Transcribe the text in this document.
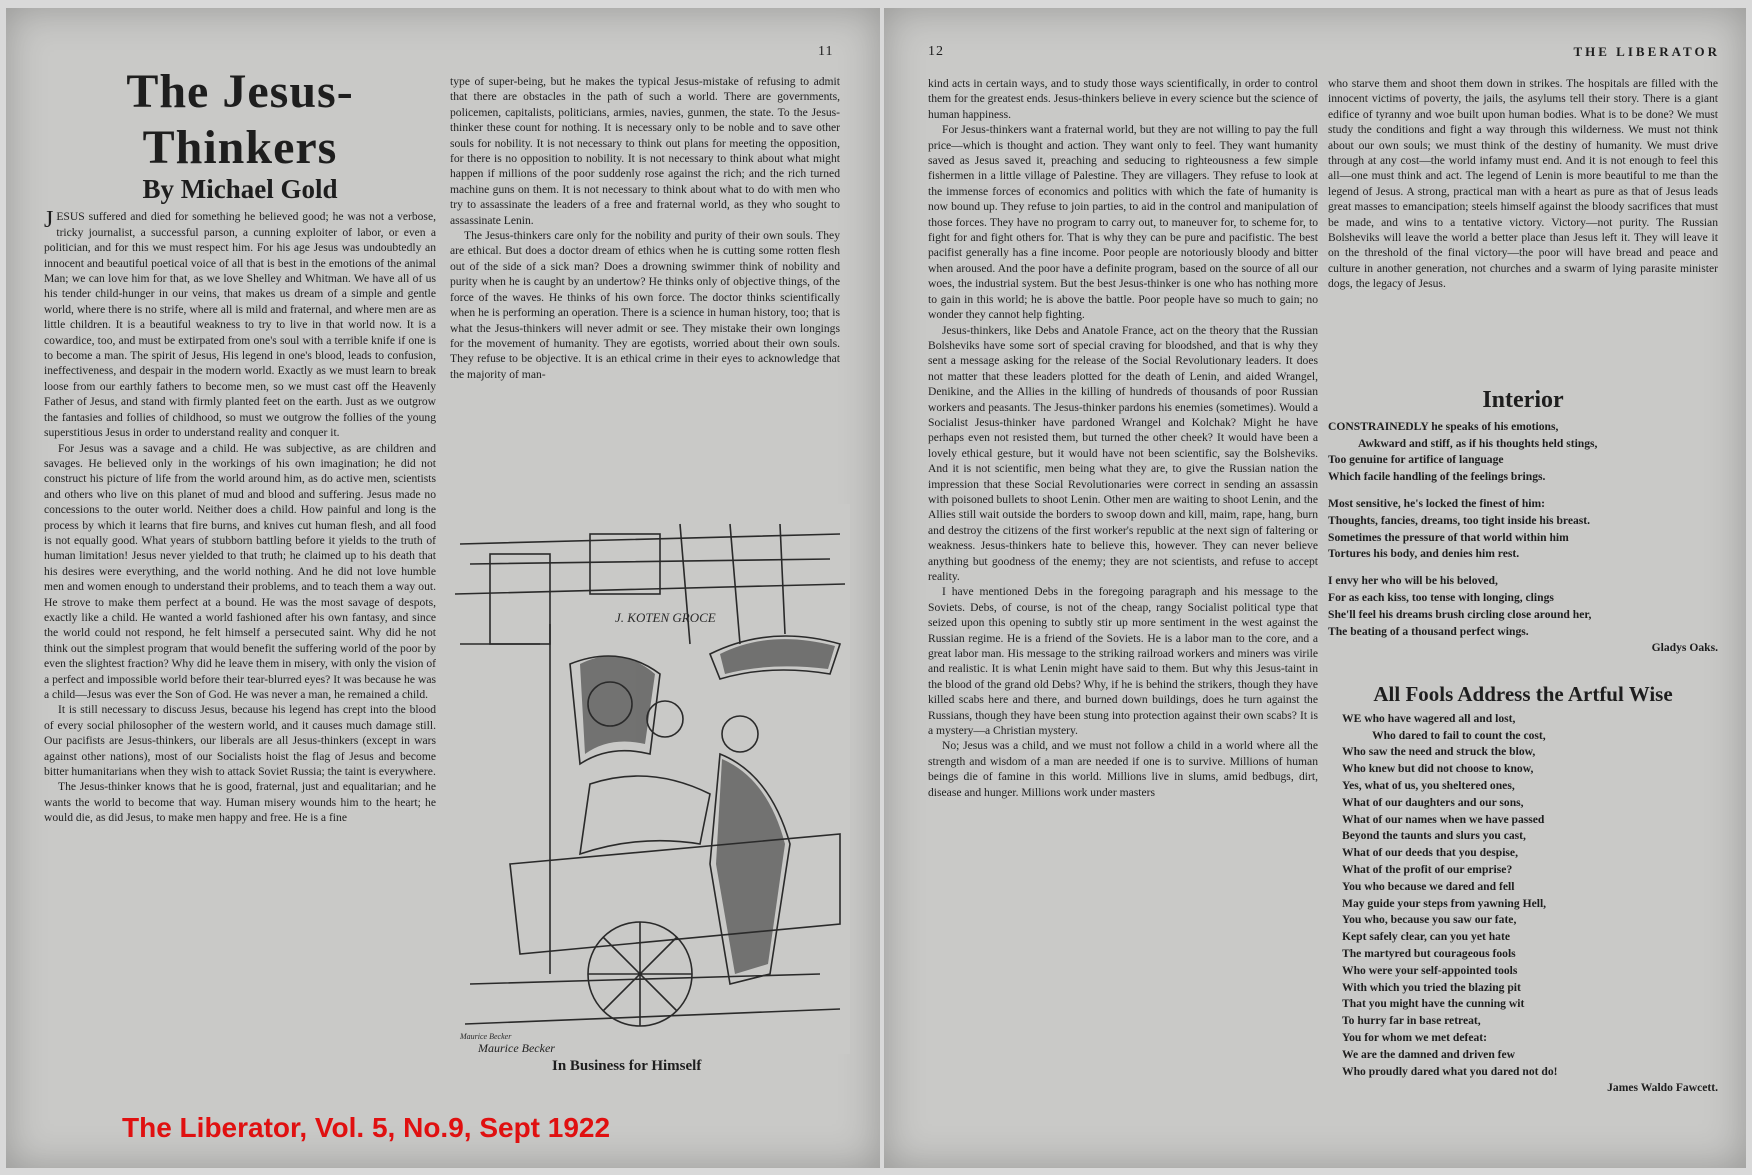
11
The Jesus-Thinkers
By Michael Gold

JESUS suffered and died for something he believed good; he was not a verbose, tricky journalist, a successful parson, a cunning exploiter of labor, or even a politician, and for this we must respect him. For his age Jesus was undoubtedly an innocent and beautiful poetical voice of all that is best in the emotions of the animal Man; we can love him for that, as we love Shelley and Whitman. We have all of us his tender child-hunger in our veins, that makes us dream of a simple and gentle world, where there is no strife, where all is mild and fraternal, and where men are as little children. It is a beautiful weakness to try to live in that world now. It is a cowardice, too, and must be extirpated from one's soul with a terrible knife if one is to become a man. The spirit of Jesus, His legend in one's blood, leads to confusion, ineffectiveness, and despair in the modern world. Exactly as we must learn to break loose from our earthly fathers to become men, so we must cast off the Heavenly Father of Jesus, and stand with firmly planted feet on the earth. Just as we outgrow the fantasies and follies of childhood, so must we outgrow the follies of the young superstitious Jesus in order to understand reality and conquer it.

For Jesus was a savage and a child. He was subjective, as are children and savages. He believed only in the workings of his own imagination; he did not construct his picture of life from the world around him, as do active men, scientists and others who live on this planet of mud and blood and suffering. Jesus made no concessions to the outer world. Neither does a child. How painful and long is the process by which it learns that fire burns, and knives cut human flesh, and all food is not equally good. What years of stubborn battling before it yields to the truth of human limitation! Jesus never yielded to that truth; he claimed up to his death that his desires were everything, and the world nothing. And he did not love humble men and women enough to understand their problems, and to teach them a way out. He strove to make them perfect at a bound. He was the most savage of despots, exactly like a child. He wanted a world fashioned after his own fantasy, and since the world could not respond, he felt himself a persecuted saint. Why did he not think out the simplest program that would benefit the suffering world of the poor by even the slightest fraction? Why did he leave them in misery, with only the vision of a perfect and impossible world before their tear-blurred eyes? It was because he was a child—Jesus was ever the Son of God. He was never a man, he remained a child.

It is still necessary to discuss Jesus, because his legend has crept into the blood of every social philosopher of the western world, and it causes much damage still. Our pacifists are Jesus-thinkers, our liberals are all Jesus-thinkers (except in wars against other nations), most of our Socialists hoist the flag of Jesus and become bitter humanitarians when they wish to attack Soviet Russia; the taint is everywhere.

The Jesus-thinker knows that he is good, fraternal, just and equalitarian; and he wants the world to become that way. Human misery wounds him to the heart; he would die, as did Jesus, to make men happy and free. He is a fine

type of super-being, but he makes the typical Jesus-mistake of refusing to admit that there are obstacles in the path of such a world. There are governments, policemen, capitalists, politicians, armies, navies, gunmen, the state. To the Jesus-thinker these count for nothing. It is necessary only to be noble and to save other souls for nobility. It is not necessary to think out plans for meeting the opposition, for there is no opposition to nobility. It is not necessary to think about what might happen if millions of the poor suddenly rose against the rich; and the rich turned machine guns on them. It is not necessary to think about what to do with men who try to assassinate the leaders of a free and fraternal world, as they who sought to assassinate Lenin.

The Jesus-thinkers care only for the nobility and purity of their own souls. They are ethical. But does a doctor dream of ethics when he is cutting some rotten flesh out of the side of a sick man? Does a drowning swimmer think of nobility and purity when he is caught by an undertow? He thinks only of objective things, of the force of the waves. He thinks of his own force. The doctor thinks scientifically when he is performing an operation. There is a science in human history, too; that is what the Jesus-thinkers will never admit or see. They mistake their own longings for the movement of humanity. They are egotists, worried about their own souls. They refuse to be objective. It is an ethical crime in their eyes to acknowledge that the majority of man-

J. KOTEN GROCE
Maurice Becker
Maurice Becker
In Business for Himself
12	THE LIBERATOR

kind acts in certain ways, and to study those ways scientifically, in order to control them for the greatest ends. Jesus-thinkers believe in every science but the science of human happiness.

For Jesus-thinkers want a fraternal world, but they are not willing to pay the full price—which is thought and action. They want only to feel. They want humanity saved as Jesus saved it, preaching and seducing to righteousness a few simple fishermen in a little village of Palestine. They are villagers. They refuse to look at the immense forces of economics and politics with which the fate of humanity is now bound up. They refuse to join parties, to aid in the control and manipulation of those forces. They have no program to carry out, to maneuver for, to scheme for, to fight for and fight others for. That is why they can be pure and pacifistic. The best pacifist generally has a fine income. Poor people are notoriously bloody and bitter when aroused. And the poor have a definite program, based on the source of all our woes, the industrial system. But the best Jesus-thinker is one who has nothing more to gain in this world; he is above the battle. Poor people have so much to gain; no wonder they cannot help fighting.

Jesus-thinkers, like Debs and Anatole France, act on the theory that the Russian Bolsheviks have some sort of special craving for bloodshed, and that is why they sent a message asking for the release of the Social Revolutionary leaders. It does not matter that these leaders plotted for the death of Lenin, and aided Wrangel, Denikine, and the Allies in the killing of hundreds of thousands of poor Russian workers and peasants. The Jesus-thinker pardons his enemies (sometimes). Would a Socialist Jesus-thinker have pardoned Wrangel and Kolchak? Might he have perhaps even not resisted them, but turned the other cheek? It would have been a lovely ethical gesture, but it would have not been scientific, say the Bolsheviks. And it is not scientific, men being what they are, to give the Russian nation the impression that these Social Revolutionaries were correct in sending an assassin with poisoned bullets to shoot Lenin. Other men are waiting to shoot Lenin, and the Allies still wait outside the borders to swoop down and kill, maim, rape, hang, burn and destroy the citizens of the first worker's republic at the next sign of faltering or weakness. Jesus-thinkers hate to believe this, however. They can never believe anything but goodness of the enemy; they are not scientists, and refuse to accept reality.

I have mentioned Debs in the foregoing paragraph and his message to the Soviets. Debs, of course, is not of the cheap, rangy Socialist political type that seized upon this opening to subtly stir up more sentiment in the west against the Russian regime. He is a friend of the Soviets. He is a labor man to the core, and a great labor man. His message to the striking railroad workers and miners was virile and realistic. It is what Lenin might have said to them. But why this Jesus-taint in the blood of the grand old Debs? Why, if he is behind the strikers, though they have killed scabs here and there, and burned down buildings, does he turn against the Russians, though they have been stung into protection against their own scabs? It is a mystery—a Christian mystery.

No; Jesus was a child, and we must not follow a child in a world where all the strength and wisdom of a man are needed if one is to survive. Millions of human beings die of famine in this world. Millions live in slums, amid bedbugs, dirt, disease and hunger. Millions work under masters

who starve them and shoot them down in strikes. The hospitals are filled with the innocent victims of poverty, the jails, the asylums tell their story. There is a giant edifice of tyranny and woe built upon human bodies. What is to be done? We must study the conditions and fight a way through this wilderness. We must not think about our own souls; we must think of the destiny of humanity. We must drive through at any cost—the world infamy must end. And it is not enough to feel this all—one must think and act. The legend of Lenin is more beautiful to me than the legend of Jesus. A strong, practical man with a heart as pure as that of Jesus leads great masses to emancipation; steels himself against the bloody sacrifices that must be made, and wins to a tentative victory. Victory—not purity. The Russian Bolsheviks will leave the world a better place than Jesus left it. They will leave it on the threshold of the final victory—the poor will have bread and peace and culture in another generation, not churches and a swarm of lying parasite minister dogs, the legacy of Jesus.

Interior
CONSTRAINEDLY he speaks of his emotions,
Awkward and stiff, as if his thoughts held stings,
Too genuine for artifice of language
Which facile handling of the feelings brings.
Most sensitive, he's locked the finest of him:
Thoughts, fancies, dreams, too tight inside his breast.
Sometimes the pressure of that world within him
Tortures his body, and denies him rest.
I envy her who will be his beloved,
For as each kiss, too tense with longing, clings
She'll feel his dreams brush circling close around her,
The beating of a thousand perfect wings.
Gladys Oaks.
All Fools Address the Artful Wise
WE who have wagered all and lost,
Who dared to fail to count the cost,
Who saw the need and struck the blow,
Who knew but did not choose to know,
Yes, what of us, you sheltered ones,
What of our daughters and our sons,
What of our names when we have passed
Beyond the taunts and slurs you cast,
What of our deeds that you despise,
What of the profit of our emprise?
You who because we dared and fell
May guide your steps from yawning Hell,
You who, because you saw our fate,
Kept safely clear, can you yet hate
The martyred but courageous fools
Who were your self-appointed tools
With which you tried the blazing pit
That you might have the cunning wit
To hurry far in base retreat,
You for whom we met defeat:
We are the damned and driven few
Who proudly dared what you dared not do!
James Waldo Fawcett.
The Liberator, Vol. 5, No.9, Sept 1922
